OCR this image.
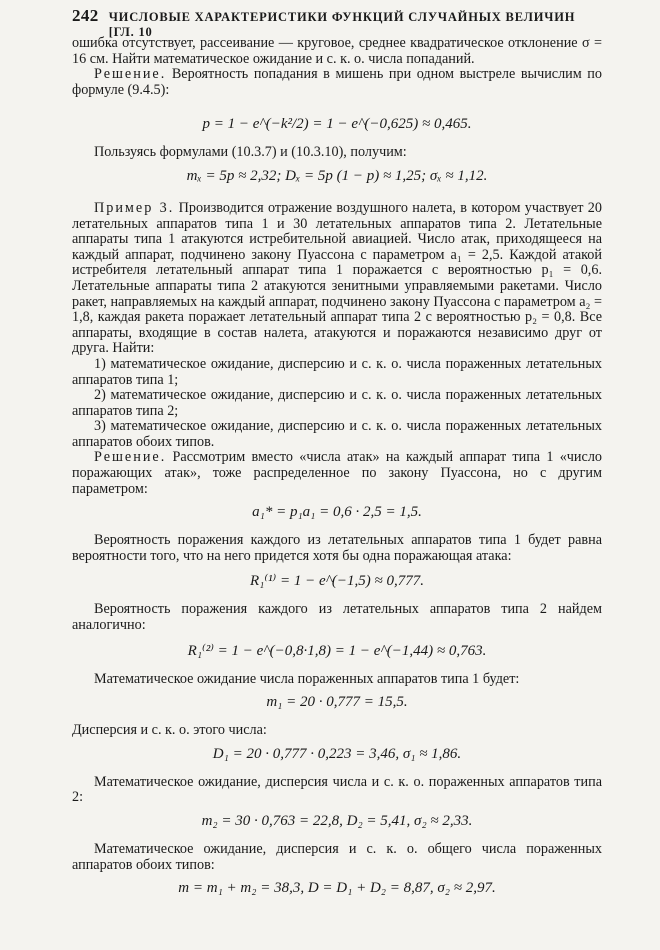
242 ЧИСЛОВЫЕ ХАРАКТЕРИСТИКИ ФУНКЦИЙ СЛУЧАЙНЫХ ВЕЛИЧИН [ГЛ. 10

ошибка отсутствует, рассеивание — круговое, среднее квадратическое отклонение σ = 16 см. Найти математическое ожидание и с. к. о. числа попаданий.

Решение. Вероятность попадания в мишень при одном выстреле вычислим по формуле (9.4.5):

p = 1 − e^(−k²/2) = 1 − e^(−0,625) ≈ 0,465.

Пользуясь формулами (10.3.7) и (10.3.10), получим:

mₓ = 5p ≈ 2,32; Dₓ = 5p (1 − p) ≈ 1,25; σₓ ≈ 1,12.

Пример 3. Производится отражение воздушного налета, в котором участвует 20 летательных аппаратов типа 1 и 30 летательных аппаратов типа 2. Летательные аппараты типа 1 атакуются истребительной авиацией. Число атак, приходящееся на каждый аппарат, подчинено закону Пуассона с параметром a₁ = 2,5. Каждой атакой истребителя летательный аппарат типа 1 поражается с вероятностью p₁ = 0,6. Летательные аппараты типа 2 атакуются зенитными управляемыми ракетами. Число ракет, направляемых на каждый аппарат, подчинено закону Пуассона с параметром a₂ = 1,8, каждая ракета поражает летательный аппарат типа 2 с вероятностью p₂ = 0,8. Все аппараты, входящие в состав налета, атакуются и поражаются независимо друг от друга. Найти:

1) математическое ожидание, дисперсию и с. к. о. числа пораженных летательных аппаратов типа 1;

2) математическое ожидание, дисперсию и с. к. о. числа пораженных летательных аппаратов типа 2;

3) математическое ожидание, дисперсию и с. к. о. числа пораженных летательных аппаратов обоих типов.

Решение. Рассмотрим вместо «числа атак» на каждый аппарат типа 1 «число поражающих атак», тоже распределенное по закону Пуассона, но с другим параметром:

a₁* = p₁a₁ = 0,6 · 2,5 = 1,5.

Вероятность поражения каждого из летательных аппаратов типа 1 будет равна вероятности того, что на него придется хотя бы одна поражающая атака:

R₁⁽¹⁾ = 1 − e^(−1,5) ≈ 0,777.

Вероятность поражения каждого из летательных аппаратов типа 2 найдем аналогично:

R₁⁽²⁾ = 1 − e^(−0,8·1,8) = 1 − e^(−1,44) ≈ 0,763.

Математическое ожидание числа пораженных аппаратов типа 1 будет:

m₁ = 20 · 0,777 = 15,5.

Дисперсия и с. к. о. этого числа:

D₁ = 20 · 0,777 · 0,223 = 3,46, σ₁ ≈ 1,86.

Математическое ожидание, дисперсия числа и с. к. о. пораженных аппаратов типа 2:

m₂ = 30 · 0,763 = 22,8, D₂ = 5,41, σ₂ ≈ 2,33.

Математическое ожидание, дисперсия и с. к. о. общего числа пораженных аппаратов обоих типов:

m = m₁ + m₂ = 38,3, D = D₁ + D₂ = 8,87, σ₂ ≈ 2,97.
